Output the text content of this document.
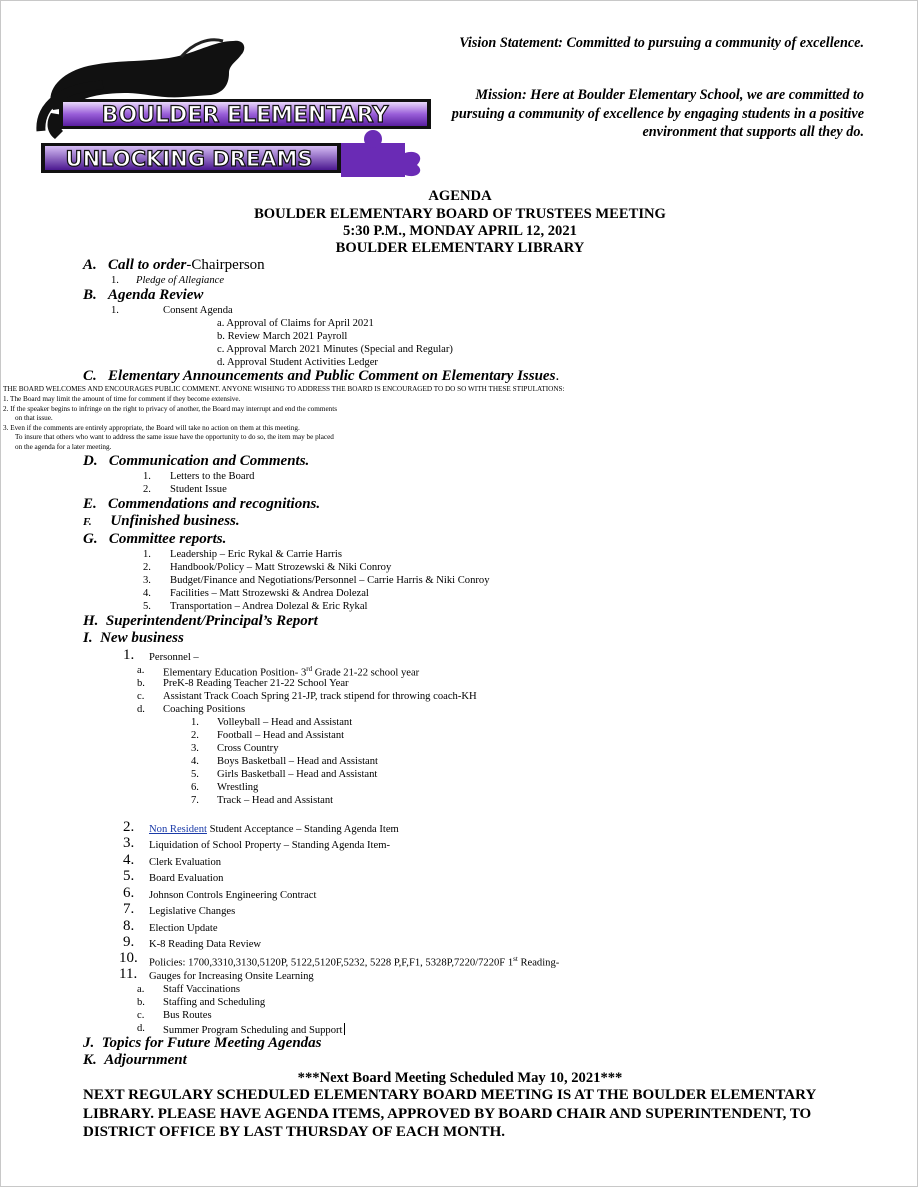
BOULDER ELEMENTARY
UNLOCKING DREAMS
Vision Statement: Committed to pursuing a community of excellence.
Mission: Here at Boulder Elementary School, we are committed to pursuing a community of excellence by engaging students in a positive environment that supports all they do.
AGENDA
BOULDER ELEMENTARY BOARD OF TRUSTEES MEETING
5:30 P.M., MONDAY APRIL 12, 2021
BOULDER ELEMENTARY LIBRARY
A. Call to order-Chairperson
1. Pledge of Allegiance
B. Agenda Review
1.	Consent Agenda
a. Approval of Claims for April 2021
b. Review March 2021 Payroll
c. Approval March 2021 Minutes (Special and Regular)
d. Approval Student Activities Ledger
C. Elementary Announcements and Public Comment on Elementary Issues.
THE BOARD WELCOMES AND ENCOURAGES PUBLIC COMMENT. ANYONE WISHING TO ADDRESS THE BOARD IS ENCOURAGED TO DO SO WITH THESE STIPULATIONS:
1. The Board may limit the amount of time for comment if they become extensive.
2. If the speaker begins to infringe on the right to privacy of another, the Board may interrupt and end the comments
on that issue.
3. Even if the comments are entirely appropriate, the Board will take no action on them at this meeting.
To insure that others who want to address the same issue have the opportunity to do so, the item may be placed
on the agenda for a later meeting.
D. Communication and Comments.
1. Letters to the Board
2. Student Issue
E. Commendations and recognitions.
F. Unfinished business.
G. Committee reports.
1. Leadership – Eric Rykal & Carrie Harris
2. Handbook/Policy – Matt Strozewski & Niki Conroy
3. Budget/Finance and Negotiations/Personnel – Carrie Harris & Niki Conroy
4. Facilities – Matt Strozewski & Andrea Dolezal
5. Transportation – Andrea Dolezal & Eric Rykal
H. Superintendent/Principal’s Report
I. New business
1. Personnel –
a. Elementary Education Position- 3rd Grade 21-22 school year
b. PreK-8 Reading Teacher 21-22 School Year
c. Assistant Track Coach Spring 21-JP, track stipend for throwing coach-KH
d. Coaching Positions
1. Volleyball – Head and Assistant
2. Football – Head and Assistant
3. Cross Country
4. Boys Basketball – Head and Assistant
5. Girls Basketball – Head and Assistant
6. Wrestling
7. Track – Head and Assistant
2. Non Resident Student Acceptance – Standing Agenda Item
3. Liquidation of School Property – Standing Agenda Item-
4. Clerk Evaluation
5. Board Evaluation
6. Johnson Controls Engineering Contract
7. Legislative Changes
8. Election Update
9. K-8 Reading Data Review
10. Policies: 1700,3310,3130,5120P, 5122,5120F,5232, 5228 P,F,F1, 5328P,7220/7220F 1st Reading-
11. Gauges for Increasing Onsite Learning
a. Staff Vaccinations
b. Staffing and Scheduling
c. Bus Routes
d. Summer Program Scheduling and Support
J. Topics for Future Meeting Agendas
K. Adjournment
***Next Board Meeting Scheduled May 10, 2021***
NEXT REGULARY SCHEDULED ELEMENTARY BOARD MEETING IS AT THE BOULDER ELEMENTARY LIBRARY. PLEASE HAVE AGENDA ITEMS, APPROVED BY BOARD CHAIR AND SUPERINTENDENT, TO DISTRICT OFFICE BY LAST THURSDAY OF EACH MONTH.
